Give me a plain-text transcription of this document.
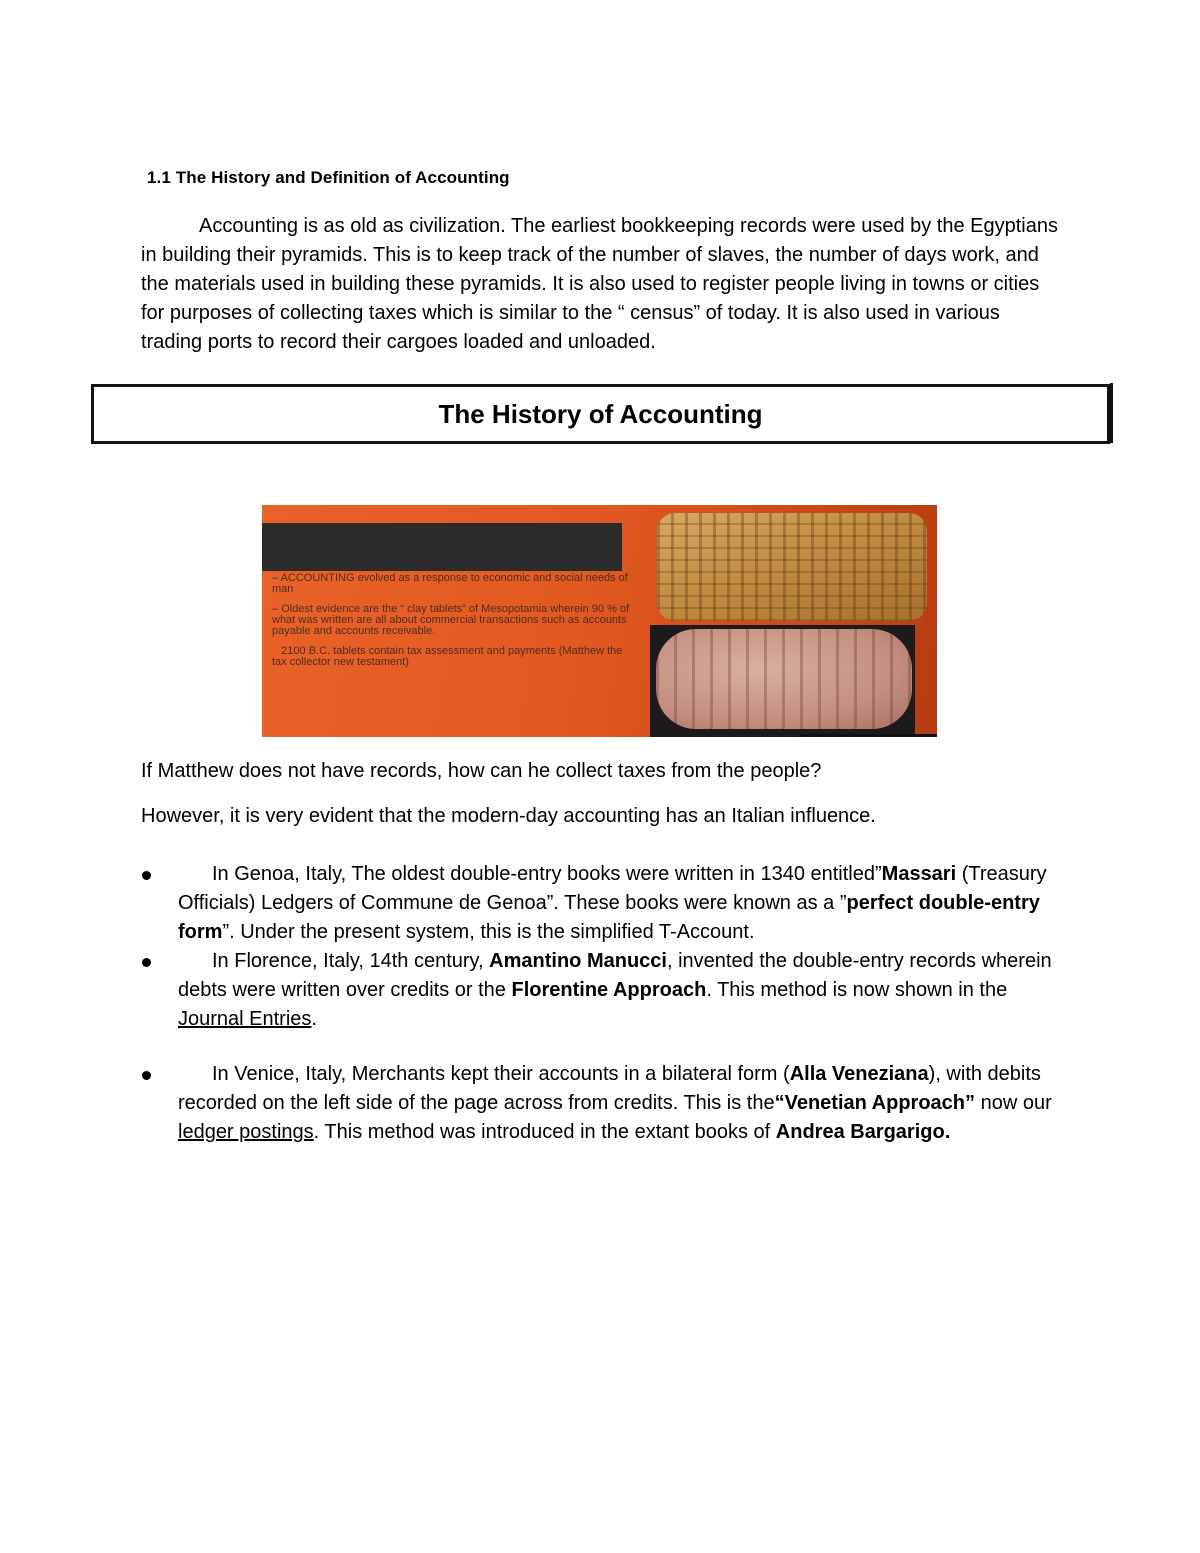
1.1 The History and Definition of Accounting

Accounting is as old as civilization. The earliest bookkeeping records were used by the Egyptians in building their pyramids. This is to keep track of the number of slaves, the number of days work, and the materials used in building these pyramids. It is also used to register people living in towns or cities for purposes of collecting taxes which is similar to the “ census” of today. It is also used in various trading ports to record their cargoes loaded and unloaded.

The History of Accounting
– ACCOUNTING evolved as a response to economic and social needs of man
– Oldest evidence are the “ clay tablets” of Mesopotamia wherein 90 % of what was written are all about commercial transactions such as accounts payable and accounts receivable.
2100 B.C. tablets contain tax assessment and payments (Matthew the tax collector new testament)

If Matthew does not have records, how can he collect taxes from the people?

However, it is very evident that the modern-day accounting has an Italian influence.

In Genoa, Italy, The oldest double-entry books were written in 1340 entitled”Massari (Treasury Officials) Ledgers of Commune de Genoa”. These books were known as a ”perfect double-entry form”. Under the present system, this is the simplified T-Account.
In Florence, Italy, 14th century, Amantino Manucci, invented the double-entry records wherein debts were written over credits or the Florentine Approach. This method is now shown in the Journal Entries.
In Venice, Italy, Merchants kept their accounts in a bilateral form (Alla Veneziana), with debits recorded on the left side of the page across from credits. This is the“Venetian Approach” now our ledger postings. This method was introduced in the extant books of Andrea Bargarigo.
